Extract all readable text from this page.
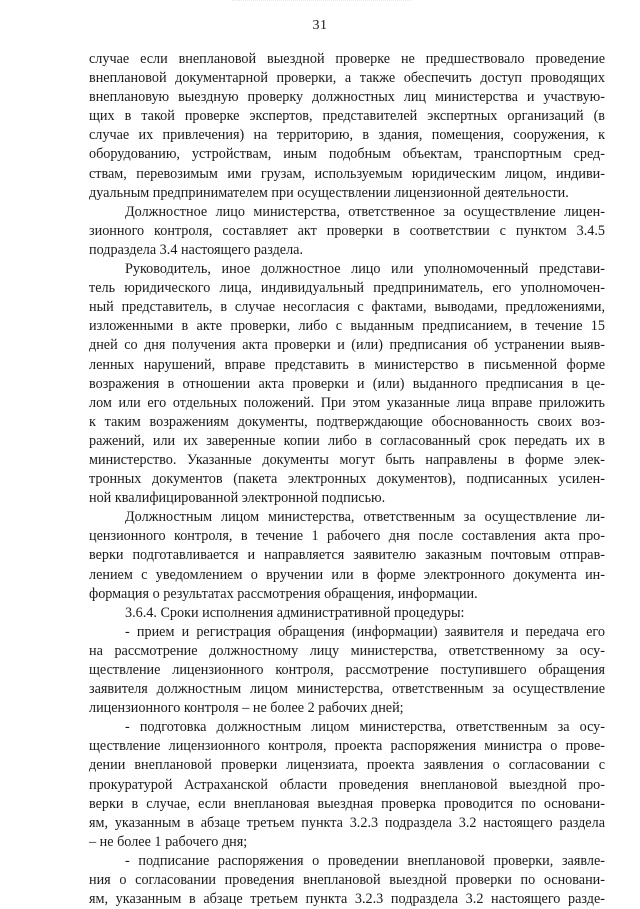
31
случае если внеплановой выездной проверке не предшествовало проведение
внеплановой документарной проверки, а также обеспечить доступ проводящих
внеплановую выездную проверку должностных лиц министерства и участвую-
щих в такой проверке экспертов, представителей экспертных организаций (в
случае их привлечения) на территорию, в здания, помещения, сооружения, к
оборудованию, устройствам, иным подобным объектам, транспортным сред-
ствам, перевозимым ими грузам, используемым юридическим лицом, индиви-
дуальным предпринимателем при осуществлении лицензионной деятельности.
Должностное лицо министерства, ответственное за осуществление лицен-
зионного контроля, составляет акт проверки в соответствии с пунктом 3.4.5
подраздела 3.4 настоящего раздела.
Руководитель, иное должностное лицо или уполномоченный представи-
тель юридического лица, индивидуальный предприниматель, его уполномочен-
ный представитель, в случае несогласия с фактами, выводами, предложениями,
изложенными в акте проверки, либо с выданным предписанием, в течение 15
дней со дня получения акта проверки и (или) предписания об устранении выяв-
ленных нарушений, вправе представить в министерство в письменной форме
возражения в отношении акта проверки и (или) выданного предписания в це-
лом или его отдельных положений. При этом указанные лица вправе приложить
к таким возражениям документы, подтверждающие обоснованность своих воз-
ражений, или их заверенные копии либо в согласованный срок передать их в
министерство. Указанные документы могут быть направлены в форме элек-
тронных документов (пакета электронных документов), подписанных усилен-
ной квалифицированной электронной подписью.
Должностным лицом министерства, ответственным за осуществление ли-
цензионного контроля, в течение 1 рабочего дня после составления акта про-
верки подготавливается и направляется заявителю заказным почтовым отправ-
лением с уведомлением о вручении или в форме электронного документа ин-
формация о результатах рассмотрения обращения, информации.
3.6.4. Сроки исполнения административной процедуры:
- прием и регистрация обращения (информации) заявителя и передача его
на рассмотрение должностному лицу министерства, ответственному за осу-
ществление лицензионного контроля, рассмотрение поступившего обращения
заявителя должностным лицом министерства, ответственным за осуществление
лицензионного контроля – не более 2 рабочих дней;
- подготовка должностным лицом министерства, ответственным за осу-
ществление лицензионного контроля, проекта распоряжения министра о прове-
дении внеплановой проверки лицензиата, проекта заявления о согласовании с
прокуратурой Астраханской области проведения внеплановой выездной про-
верки в случае, если внеплановая выездная проверка проводится по основани-
ям, указанным в абзаце третьем пункта 3.2.3 подраздела 3.2 настоящего раздела
– не более 1 рабочего дня;
- подписание распоряжения о проведении внеплановой проверки, заявле-
ния о согласовании проведения внеплановой выездной проверки по основани-
ям, указанным в абзаце третьем пункта 3.2.3 подраздела 3.2 настоящего разде-
